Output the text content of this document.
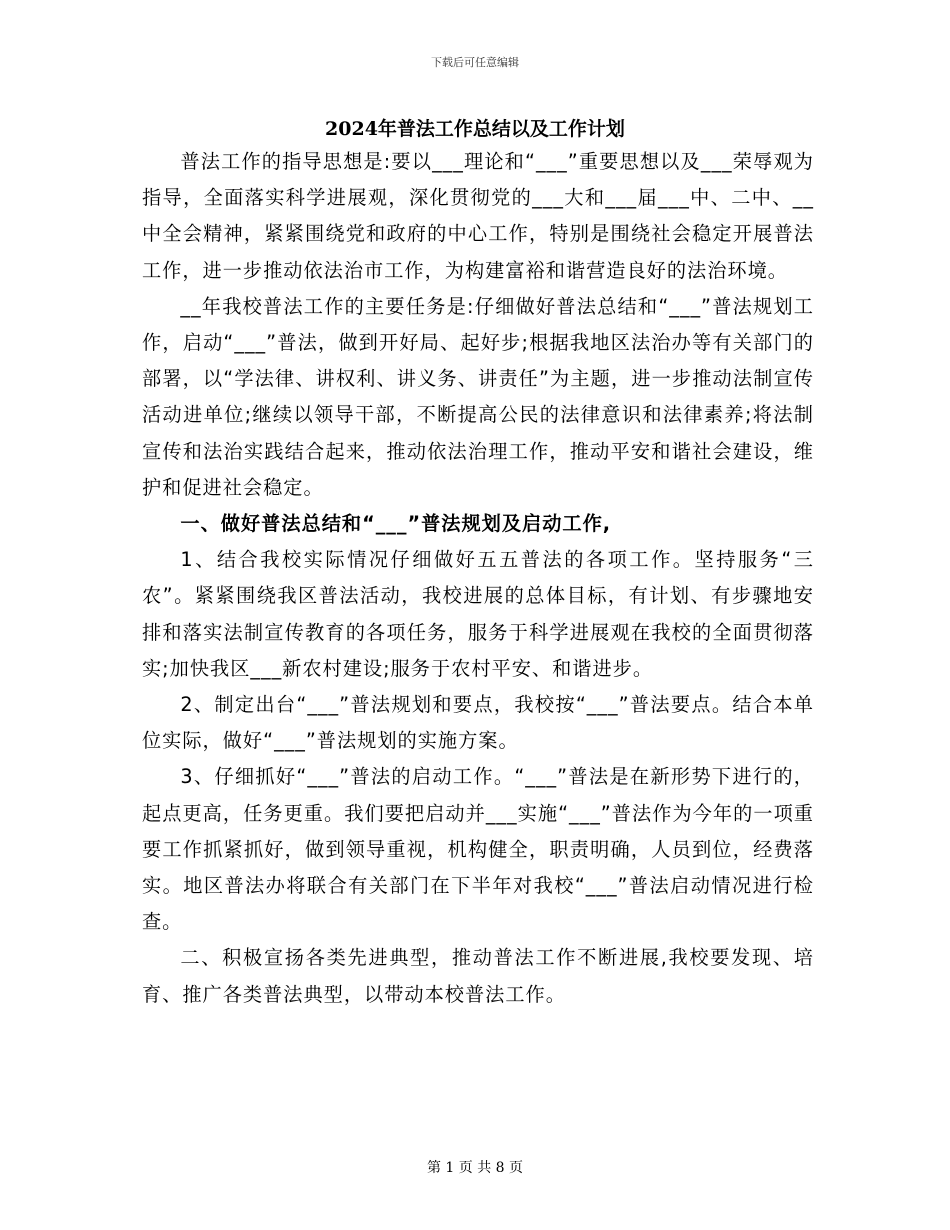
下载后可任意编辑
2024年普法工作总结以及工作计划

普法工作的指导思想是:要以___理论和“___”重要思想以及___荣辱观为指导，全面落实科学进展观，深化贯彻党的___大和___届___中、二中、__中全会精神，紧紧围绕党和政府的中心工作，特别是围绕社会稳定开展普法工作，进一步推动依法治市工作，为构建富裕和谐营造良好的法治环境。

__年我校普法工作的主要任务是:仔细做好普法总结和“___”普法规划工作，启动“___”普法，做到开好局、起好步;根据我地区法治办等有关部门的部署，以“学法律、讲权利、讲义务、讲责任”为主题，进一步推动法制宣传活动进单位;继续以领导干部，不断提高公民的法律意识和法律素养;将法制宣传和法治实践结合起来，推动依法治理工作，推动平安和谐社会建设，维护和促进社会稳定。

一、做好普法总结和“___”普法规划及启动工作,

1、结合我校实际情况仔细做好五五普法的各项工作。坚持服务“三农”。紧紧围绕我区普法活动，我校进展的总体目标，有计划、有步骤地安排和落实法制宣传教育的各项任务，服务于科学进展观在我校的全面贯彻落实;加快我区___新农村建设;服务于农村平安、和谐进步。

2、制定出台“___”普法规划和要点，我校按“___”普法要点。结合本单位实际，做好“___”普法规划的实施方案。

3、仔细抓好“___”普法的启动工作。“___”普法是在新形势下进行的，起点更高，任务更重。我们要把启动并___实施“___”普法作为今年的一项重要工作抓紧抓好，做到领导重视，机构健全，职责明确，人员到位，经费落实。地区普法办将联合有关部门在下半年对我校“___”普法启动情况进行检查。

二、积极宣扬各类先进典型，推动普法工作不断进展,我校要发现、培育、推广各类普法典型，以带动本校普法工作。

第 1 页 共 8 页
